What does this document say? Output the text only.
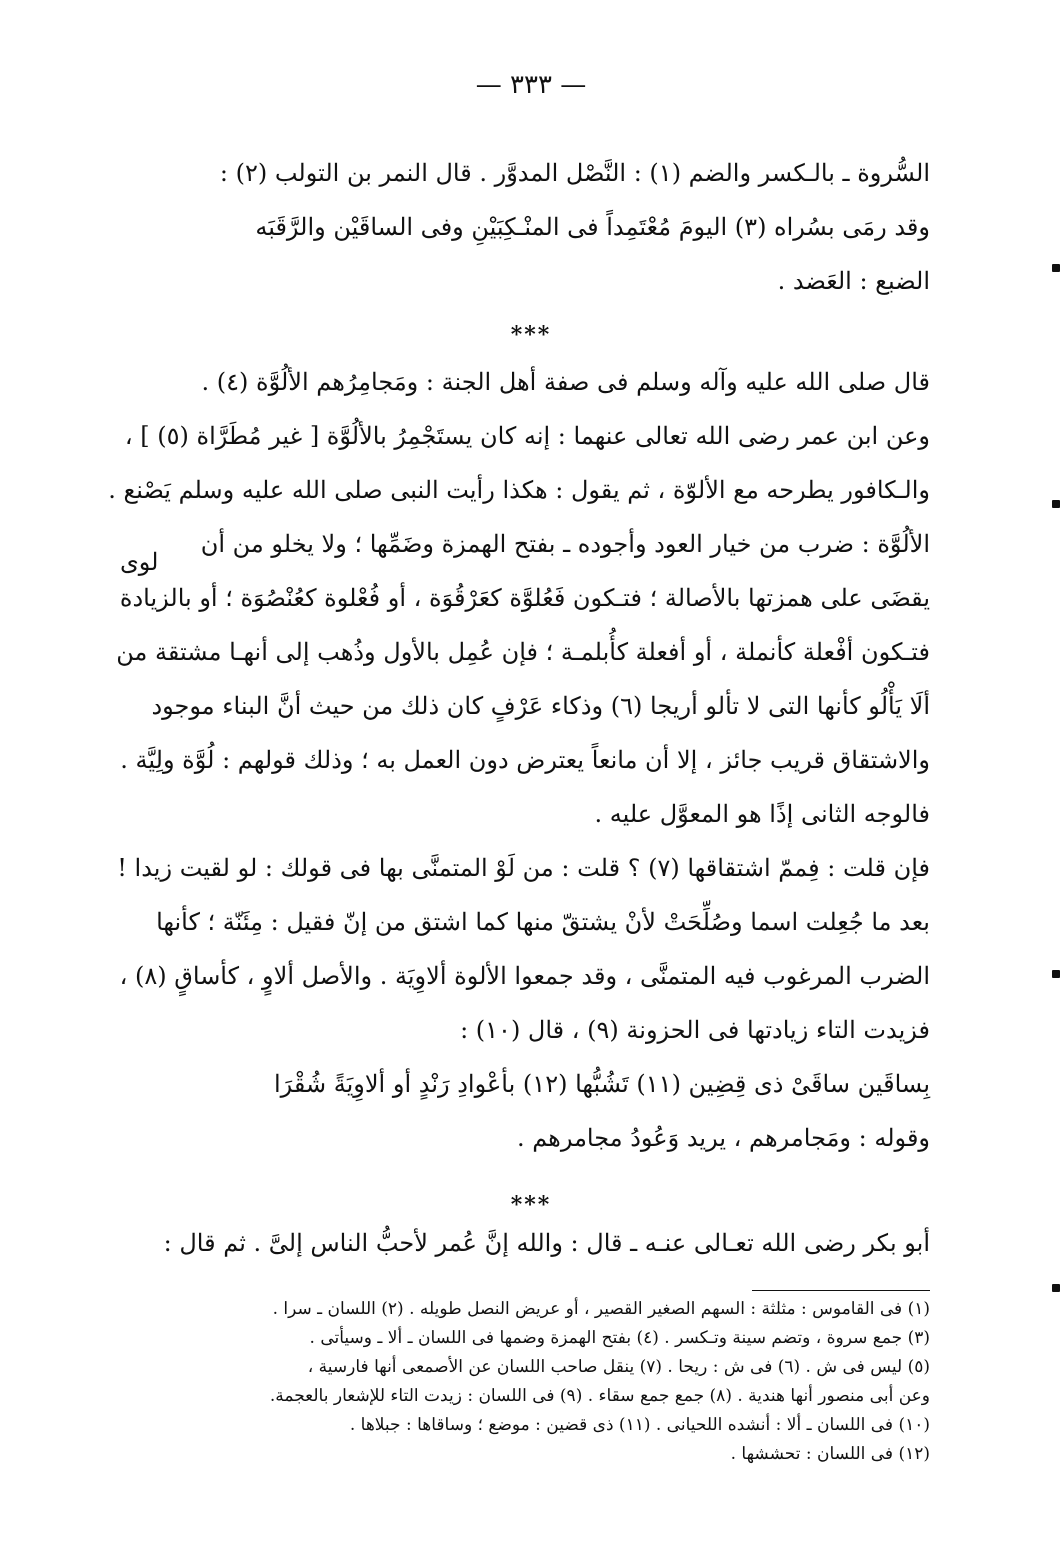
— ٣٣٣ —
السُّروة ـ بالـكسر والضم (١) : النَّصْل المدوَّر . قال النمر بن التولب (٢) :
وقد رمَى بسُراه (٣) اليومَ مُعْتَمِداً فى المنْـكِبَيْنِ وفى الساقَيْن والرَّقَبَه
الضبع : العَضد .
***
قال صلى الله عليه وآله وسلم فى صفة أهل الجنة : ومَجامِرُهم الألُوَّة (٤) .
وعن ابن عمر رضى الله تعالى عنهما : إنه كان يستَجْمِرُ بالألُوَّة [ غير مُطَرَّاة (٥) ] ،
والـكافور يطرحه مع الألوّة ، ثم يقول : هكذا رأيت النبى صلى الله عليه وسلم يَصْنع .
الألُوَّة : ضرب من خيار العود وأجوده ـ بفتح الهمزة وضَمِّها ؛ ولا يخلو من أن
يقضَى على همزتها بالأصالة ؛ فتـكون فَعُلوَّة كعَرْقُوَة ، أو فُعْلوة كعُنْصُوَة ؛ أو بالزيادة
فتـكون أفْعلة كأنملة ، أو أفعلة كأُبلمـة ؛ فإن عُمِل بالأول وذُهب إلى أنهـا مشتقة من
ألَا يَأْلُو كأنها التى لا تألو أريجا (٦) وذكاء عَرْفٍ كان ذلك من حيث أنَّ البناء موجود
والاشتقاق قريب جائز ، إلا أن مانعاً يعترض دون العمل به ؛ وذلك قولهم : لُوَّة ولِيَّة .
فالوجه الثانى إذًا هو المعوَّل عليه .
فإن قلت : فِممّ اشتقاقها (٧) ؟ قلت : من لَوْ المتمنَّى بها فى قولك : لو لقيت زيدا !
بعد ما جُعِلت اسما وصُلِّحَتْ لأنْ يشتقّ منها كما اشتق من إنّ فقيل : مِئَنّة ؛ كأنها
الضرب المرغوب فيه المتمنَّى ، وقد جمعوا الألوة ألاوِيَة . والأصل ألاوٍ ، كأساقٍ (٨) ،
فزيدت التاء زيادتها فى الحزونة (٩) ، قال (١٠) :
بِساقَين ساقَىْ ذى قِضِين (١١) تَشُبُّها (١٢) بأعْوادِ رَنْدٍ أو ألاوِيَةً شُقْرَا
وقوله : ومَجامرهم ، يريد وَعُودُ مجامرهم .
***
أبو بكر رضى الله تعـالى عنـه ـ قال : والله إنَّ عُمر لأحبُّ الناس إلىَّ . ثم قال :
لوى
(١) فى القاموس : مثلثة : السهم الصغير القصير ، أو عريض النصل طويله . (٢) اللسان ـ سرا .
(٣) جمع سروة ، وتضم سينة وتـكسر . (٤) بفتح الهمزة وضمها فى اللسان ـ ألا ـ وسيأتى .
(٥) ليس فى ش . (٦) فى ش : ريحا . (٧) ينقل صاحب اللسان عن الأصمعى أنها فارسية ،
وعن أبى منصور أنها هندية . (٨) جمع جمع سقاء . (٩) فى اللسان : زيدت التاء للإشعار بالعجمة.
(١٠) فى اللسان ـ ألا : أنشده اللحيانى . (١١) ذى قضين : موضع ؛ وساقاها : جبلاها .
(١٢) فى اللسان : تحششها .
